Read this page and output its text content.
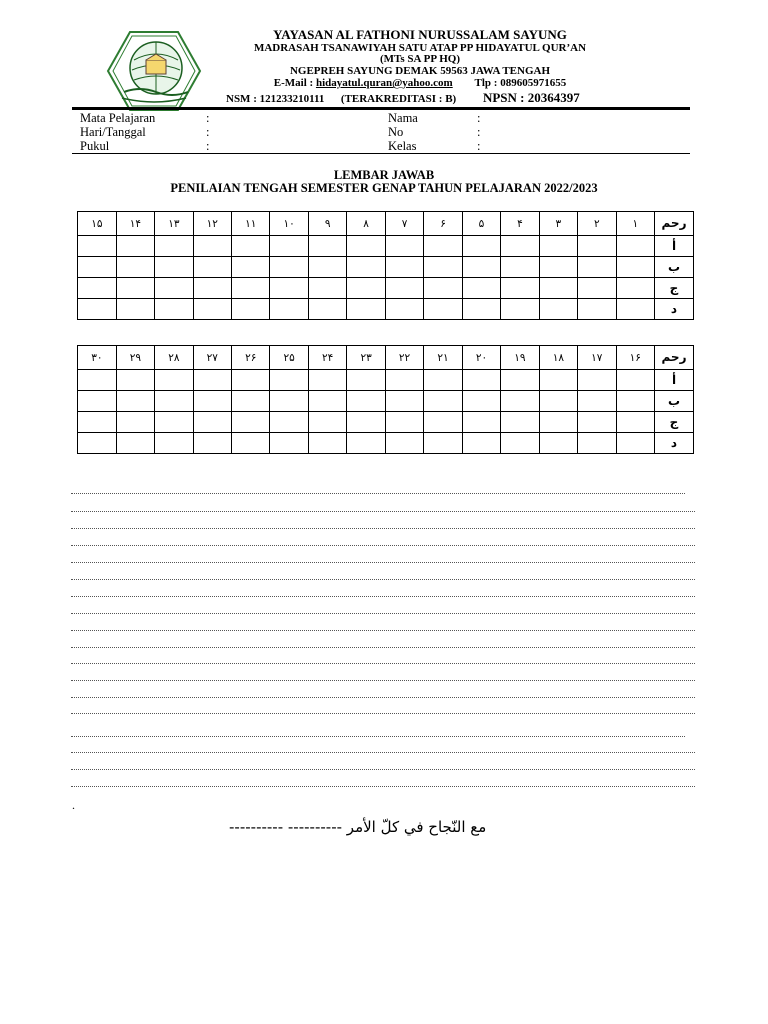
YAYASAN AL FATHONI NURUSSALAM SAYUNG
MADRASAH TSANAWIYAH SATU ATAP PP HIDAYATUL QUR’AN
(MTs SA PP HQ)
NGEPREH SAYUNG DEMAK 59563 JAWA TENGAH
E-Mail : hidayatul.quran@yahoo.com Tlp : 089605971655
NSM : 121233210111 (TERAKREDITASI : B) NPSN : 20364397
Mata Pelajaran	:
Hari/Tanggal	:
Pukul	:
Nama	:
No	:
Kelas	:
LEMBAR JAWAB
PENILAIAN TENGAH SEMESTER GENAP TAHUN PELAJARAN 2022/2023
رحم	١	٢	٣	۴	۵	۶	٧	٨	٩	١٠	١١	١٢	١٣	١۴	١۵
أ															
ب															
ج															
د															
رحم	١۶	١٧	١٨	١٩	٢٠	٢١	٢٢	٢٣	٢۴	٢۵	٢۶	٢٧	٢٨	٢٩	٣٠
أ															
ب															
ج															
د															
.
مع النّجاح في كلّ الأمر ---------- ----------
